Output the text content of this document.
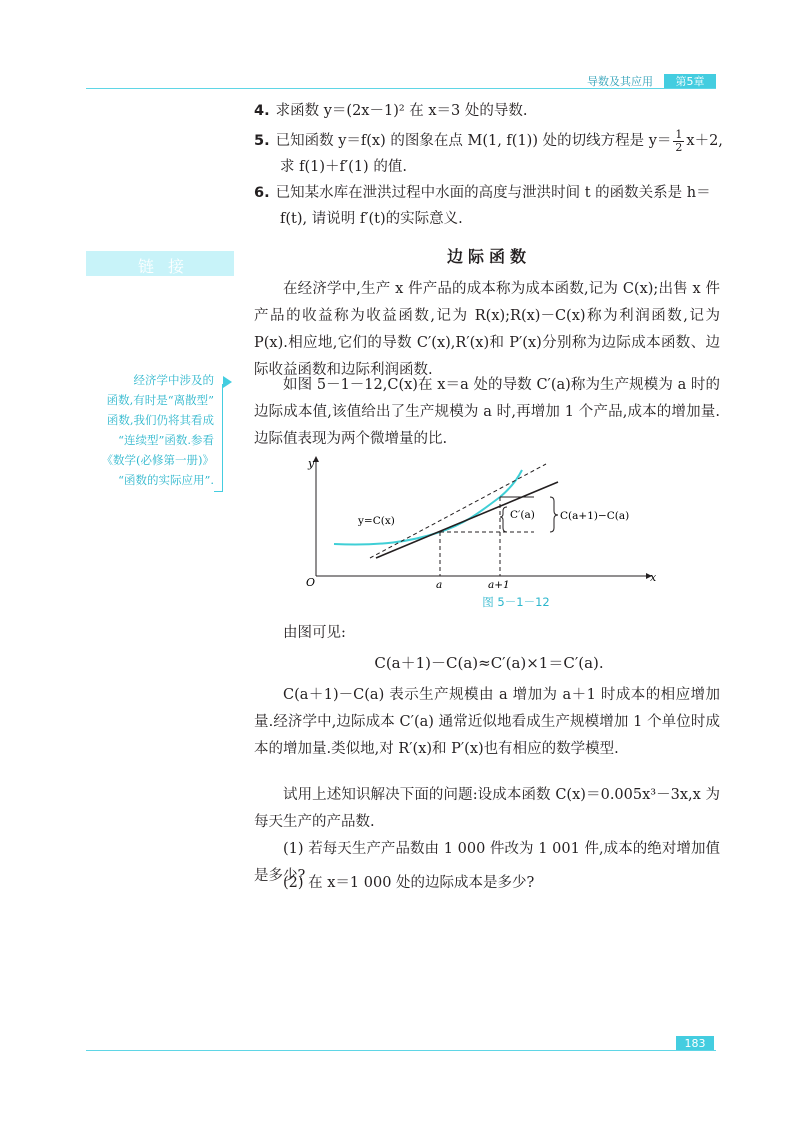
导数及其应用	第5章
4. 求函数 y＝(2x－1)² 在 x＝3 处的导数.
5. 已知函数 y＝f(x) 的图象在点 M(1, f(1)) 处的切线方程是 $y= \frac{1}{2} x+2$,
求 f(1)＋f′(1) 的值.
6. 已知某水库在泄洪过程中水面的高度与泄洪时间 t 的函数关系是 h＝
f(t), 请说明 f′(t)的实际意义.
链接
边际函数
经济学中涉及的
函数,有时是“离散型”
函数,我们仍将其看成
“连续型”函数.参看
《数学(必修第一册)》
“函数的实际应用”.
在经济学中,生产 x 件产品的成本称为成本函数,记为 C(x);出售 x 件产品的收益称为收益函数,记为 R(x);R(x)－C(x)称为利润函数,记为 P(x).相应地,它们的导数 C′(x),R′(x)和 P′(x)分别称为边际成本函数、边际收益函数和边际利润函数.
如图 5－1－12,C(x)在 x＝a 处的导数 C′(a)称为生产规模为 a 时的边际成本值,该值给出了生产规模为 a 时,再增加 1 个产品,成本的增加量.边际值表现为两个微增量的比.
y
x
O
C′(a) C(a+1)−C(a)
y=C(x)
a	a+1
图 5－1－12
由图可见:
C(a＋1)－C(a)≈C′(a)×1＝C′(a).
C(a＋1)－C(a) 表示生产规模由 a 增加为 a＋1 时成本的相应增加量.经济学中,边际成本 C′(a) 通常近似地看成生产规模增加 1 个单位时成本的增加量.类似地,对 R′(x)和 P′(x)也有相应的数学模型.
试用上述知识解决下面的问题:设成本函数 C(x)＝0.005x³－3x,x 为每天生产的产品数.
(1) 若每天生产产品数由 1 000 件改为 1 001 件,成本的绝对增加值是多少?
(2) 在 x＝1 000 处的边际成本是多少?
183
